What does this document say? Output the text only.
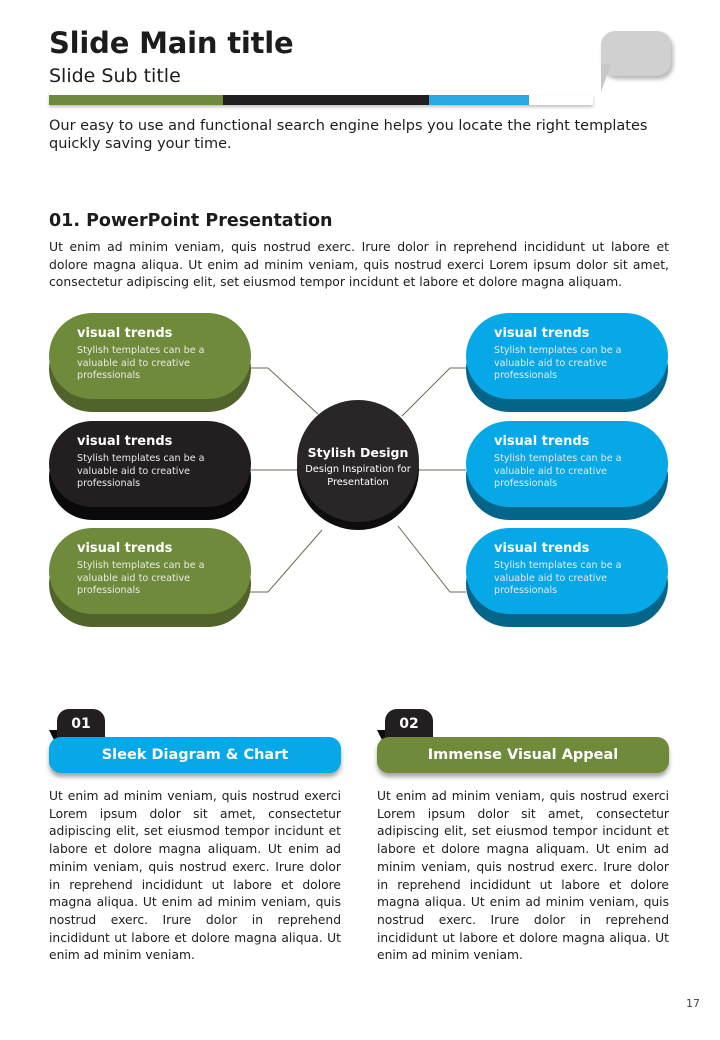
Slide Main title
Slide Sub title
Our easy to use and functional search engine helps you locate the right templates quickly saving your time.
01. PowerPoint Presentation
Ut enim ad minim veniam, quis nostrud exerc. Irure dolor in reprehend incididunt ut labore et dolore magna aliqua. Ut enim ad minim veniam, quis nostrud exerci Lorem ipsum dolor sit amet, consectetur adipiscing elit, set eiusmod tempor incidunt et labore et dolore magna aliquam.
visual trends

Stylish templates can be a valuable aid to creative professionals

visual trends

Stylish templates can be a valuable aid to creative professionals

visual trends

Stylish templates can be a valuable aid to creative professionals

visual trends

Stylish templates can be a valuable aid to creative professionals

visual trends

Stylish templates can be a valuable aid to creative professionals

visual trends

Stylish templates can be a valuable aid to creative professionals

Stylish Design

Design Inspiration for Presentation

01
Sleek Diagram & Chart
Ut enim ad minim veniam, quis nostrud exerci Lorem ipsum dolor sit amet, consectetur adipiscing elit, set eiusmod tempor incidunt et labore et dolore magna aliquam. Ut enim ad minim veniam, quis nostrud exerc. Irure dolor in reprehend incididunt ut labore et dolore magna aliqua. Ut enim ad minim veniam, quis nostrud exerc. Irure dolor in reprehend incididunt ut labore et dolore magna aliqua. Ut enim ad minim veniam.
02
Immense Visual Appeal
Ut enim ad minim veniam, quis nostrud exerci Lorem ipsum dolor sit amet, consectetur adipiscing elit, set eiusmod tempor incidunt et labore et dolore magna aliquam. Ut enim ad minim veniam, quis nostrud exerc. Irure dolor in reprehend incididunt ut labore et dolore magna aliqua. Ut enim ad minim veniam, quis nostrud exerc. Irure dolor in reprehend incididunt ut labore et dolore magna aliqua. Ut enim ad minim veniam.
17
